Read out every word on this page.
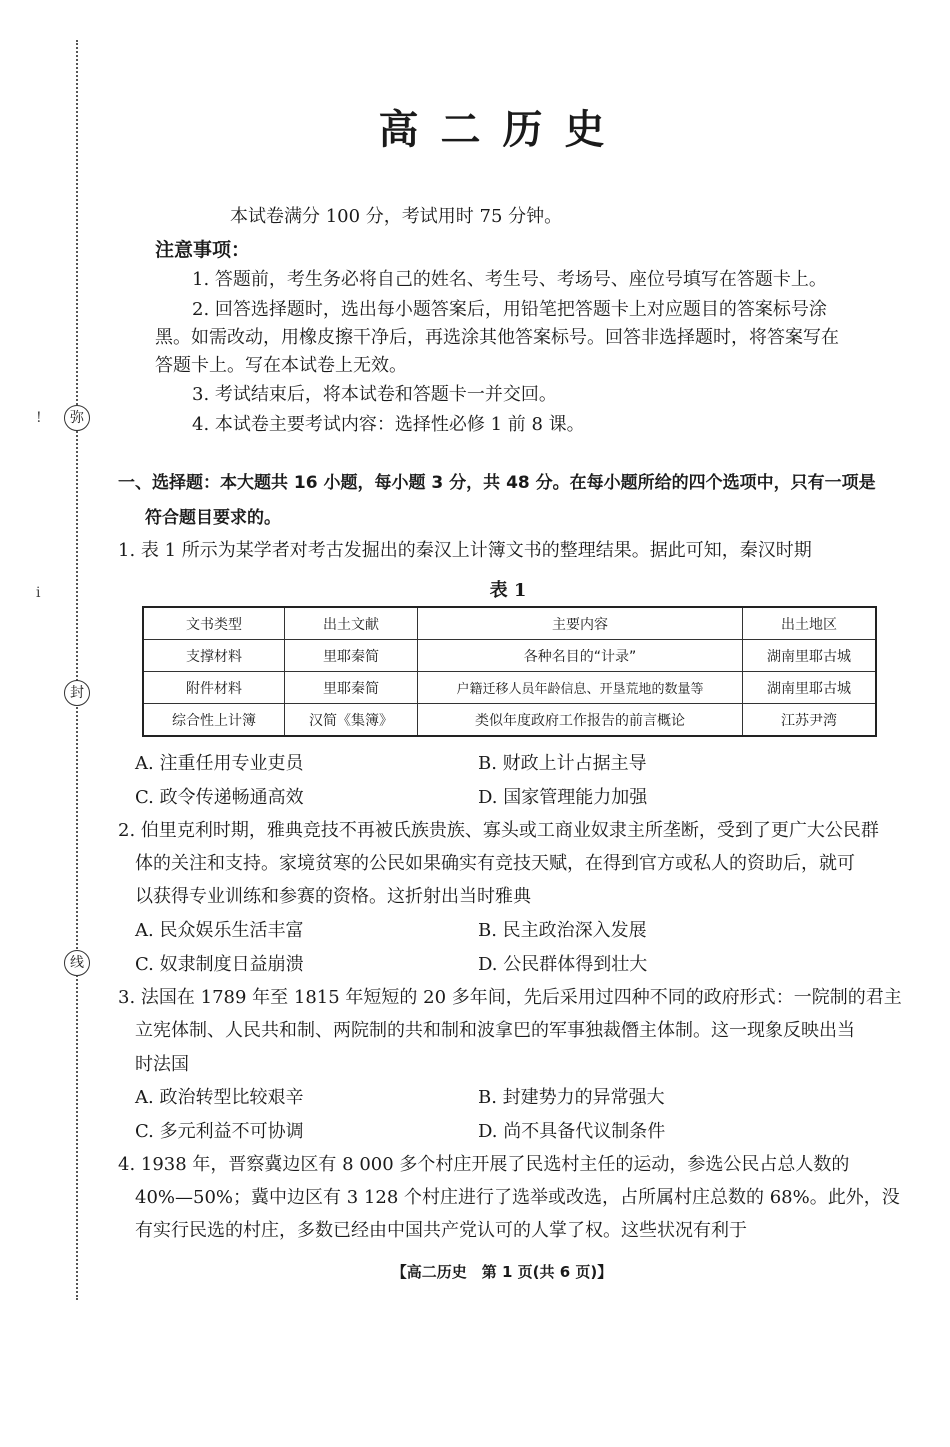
弥
封
线
!
i
高二历史
本试卷满分 100 分，考试用时 75 分钟。
注意事项：
1. 答题前，考生务必将自己的姓名、考生号、考场号、座位号填写在答题卡上。
2. 回答选择题时，选出每小题答案后，用铅笔把答题卡上对应题目的答案标号涂
黑。如需改动，用橡皮擦干净后，再选涂其他答案标号。回答非选择题时，将答案写在
答题卡上。写在本试卷上无效。
3. 考试结束后，将本试卷和答题卡一并交回。
4. 本试卷主要考试内容：选择性必修 1 前 8 课。
一、选择题：本大题共 16 小题，每小题 3 分，共 48 分。在每小题所给的四个选项中，只有一项是
符合题目要求的。
1. 表 1 所示为某学者对考古发掘出的秦汉上计簿文书的整理结果。据此可知，秦汉时期
表 1
文书类型	出土文献	主要内容	出土地区
支撑材料	里耶秦简	各种名目的“计录”	湖南里耶古城
附件材料	里耶秦简	户籍迁移人员年龄信息、开垦荒地的数量等	湖南里耶古城
综合性上计簿	汉简《集簿》	类似年度政府工作报告的前言概论	江苏尹湾
A. 注重任用专业吏员	B. 财政上计占据主导
C. 政令传递畅通高效	D. 国家管理能力加强
2. 伯里克利时期，雅典竞技不再被氏族贵族、寡头或工商业奴隶主所垄断，受到了更广大公民群
体的关注和支持。家境贫寒的公民如果确实有竞技天赋，在得到官方或私人的资助后，就可
以获得专业训练和参赛的资格。这折射出当时雅典
A. 民众娱乐生活丰富	B. 民主政治深入发展
C. 奴隶制度日益崩溃	D. 公民群体得到壮大
3. 法国在 1789 年至 1815 年短短的 20 多年间，先后采用过四种不同的政府形式：一院制的君主
立宪体制、人民共和制、两院制的共和制和波拿巴的军事独裁僭主体制。这一现象反映出当
时法国
A. 政治转型比较艰辛	B. 封建势力的异常强大
C. 多元利益不可协调	D. 尚不具备代议制条件
4. 1938 年，晋察冀边区有 8 000 多个村庄开展了民选村主任的运动，参选公民占总人数的
40%—50%；冀中边区有 3 128 个村庄进行了选举或改选，占所属村庄总数的 68%。此外，没
有实行民选的村庄，多数已经由中国共产党认可的人掌了权。这些状况有利于
【高二历史　第 1 页(共 6 页)】
